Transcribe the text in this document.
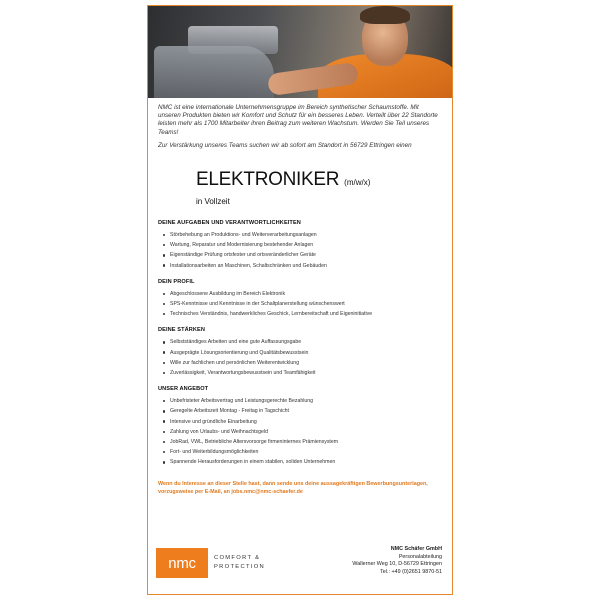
NMC ist eine internationale Unternehmensgruppe im Bereich synthetischer Schaumstoffe. Mit unseren Produkten bieten wir Komfort und Schutz für ein besseres Leben. Verteilt über 22 Standorte leisten mehr als 1700 Mitarbeiter ihren Beitrag zum weiteren Wachstum. Werden Sie Teil unseres Teams!

Zur Verstärkung unseres Teams suchen wir ab sofort am Standort in 56729 Ettringen einen

ELEKTRONIKER (m/w/x)
in Vollzeit
DEINE AUFGABEN UND VERANTWORTLICHKEITEN
Störbehebung an Produktions- und Weiterverarbeitungsanlagen
Wartung, Reparatur und Modernisierung bestehender Anlagen
Eigenständige Prüfung ortsfester und ortsveränderlicher Geräte
Installationsarbeiten an Maschinen, Schaltschränken und Gebäuden
DEIN PROFIL
Abgeschlossene Ausbildung im Bereich Elektronik
SPS-Kenntnisse und Kenntnisse in der Schaltplanerstellung wünschenswert
Technisches Verständnis, handwerkliches Geschick, Lernbereitschaft und Eigeninitiative
DEINE STÄRKEN
Selbstständiges Arbeiten und eine gute Auffassungsgabe
Ausgeprägte Lösungsorientierung und Qualitätsbewusstsein
Wille zur fachlichen und persönlichen Weiterentwicklung
Zuverlässigkeit, Verantwortungsbewusstsein und Teamfähigkeit
UNSER ANGEBOT
Unbefristeter Arbeitsvertrag und Leistungsgerechte Bezahlung
Geregelte Arbeitszeit Montag - Freitag in Tagschicht
Intensive und gründliche Einarbeitung
Zahlung von Urlaubs- und Weihnachtsgeld
JobRad, VWL, Betriebliche Altersvorsorge firmeninternes Prämiensystem
Fort- und Weiterbildungsmöglichkeiten
Spannende Herausforderungen in einem stabilen, soliden Unternehmen
Wenn du Interesse an dieser Stelle hast, dann sende uns deine aussagekräftigen Bewerbungsunterlagen, vorzugsweise per E-Mail, an jobs.nmc@nmc-schaefer.de
nmc	COMFORT &
PROTECTION
NMC Schäfer GmbH
Personalabteilung
Wallerner Weg 10, D-56729 Ettringen
Tel.: +49 (0)2651 9870-51
